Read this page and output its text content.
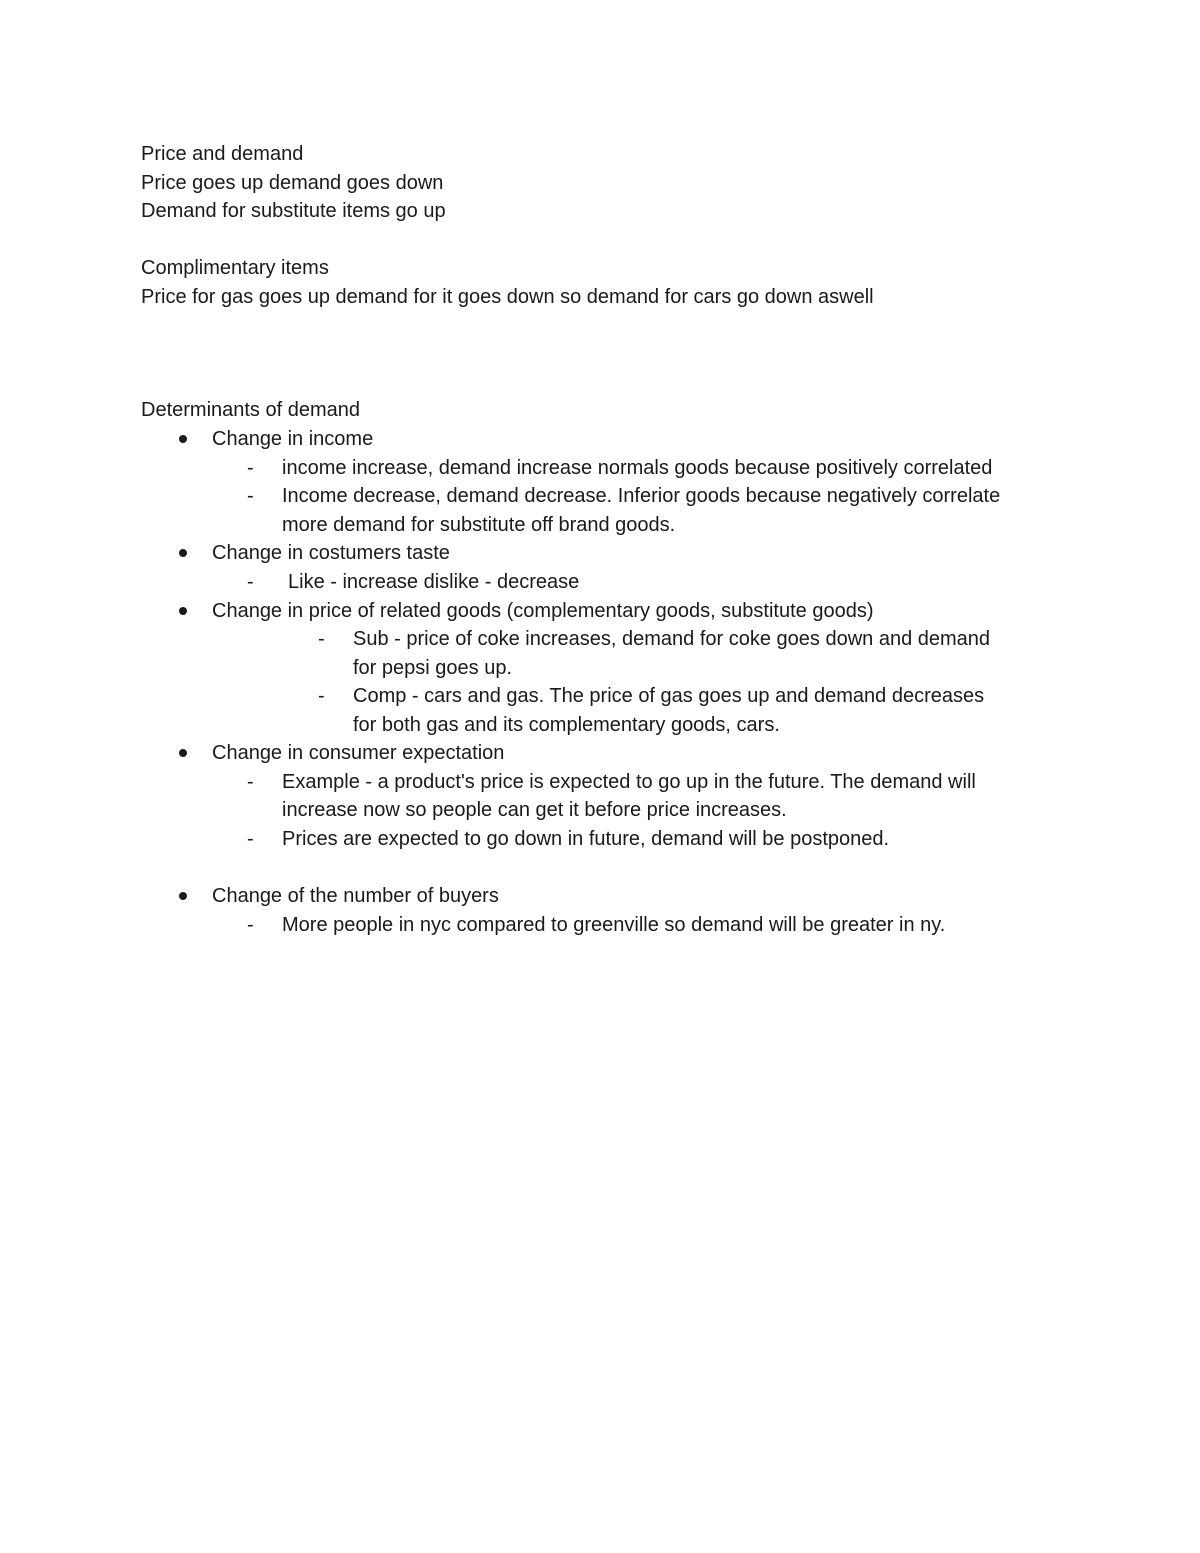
Price and demand
Price goes up demand goes down
Demand for substitute items go up
Complimentary items
Price for gas goes up demand for it goes down so demand for cars go down aswell
Determinants of demand
Change in income
- income increase, demand increase normals goods because positively correlated
- Income decrease, demand decrease. Inferior goods because negatively correlate
more demand for substitute off brand goods.
Change in costumers taste
- Like - increase dislike - decrease
Change in price of related goods (complementary goods, substitute goods)
- Sub - price of coke increases, demand for coke goes down and demand
for pepsi goes up.
- Comp - cars and gas. The price of gas goes up and demand decreases
for both gas and its complementary goods, cars.
Change in consumer expectation
- Example - a product's price is expected to go up in the future. The demand will
increase now so people can get it before price increases.
- Prices are expected to go down in future, demand will be postponed.
Change of the number of buyers
- More people in nyc compared to greenville so demand will be greater in ny.
